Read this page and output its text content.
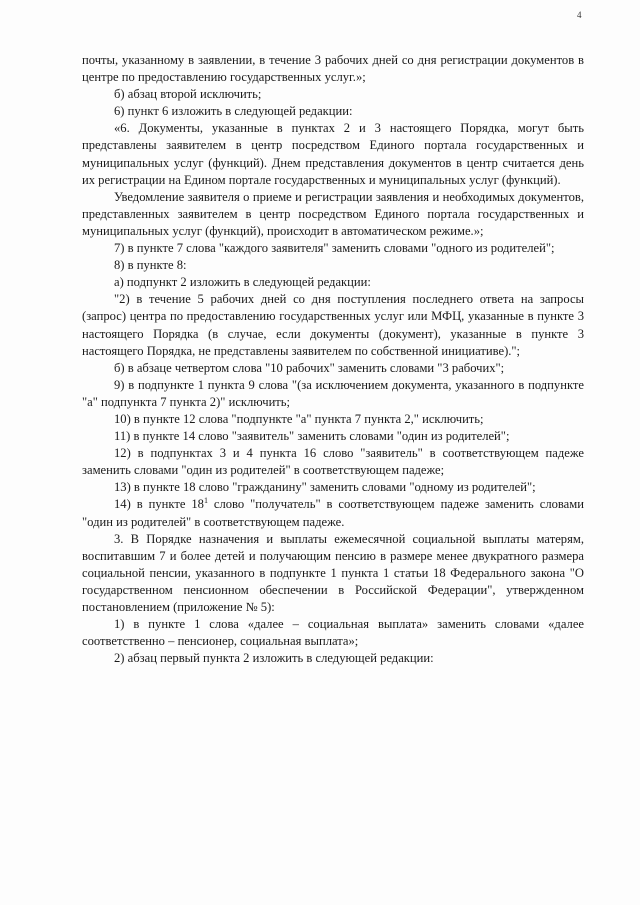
4

почты, указанному в заявлении, в течение 3 рабочих дней со дня регистрации документов в центре по предоставлению государственных услуг.»;

б) абзац второй исключить;

6) пункт 6 изложить в следующей редакции:

«6. Документы, указанные в пунктах 2 и 3 настоящего Порядка, могут быть представлены заявителем в центр посредством Единого портала государственных и муниципальных услуг (функций). Днем представления документов в центр считается день их регистрации на Едином портале государственных и муниципальных услуг (функций).

Уведомление заявителя о приеме и регистрации заявления и необходимых документов, представленных заявителем в центр посредством Единого портала государственных и муниципальных услуг (функций), происходит в автоматическом режиме.»;

7) в пункте 7 слова "каждого заявителя" заменить словами "одного из родителей";

8) в пункте 8:

а) подпункт 2 изложить в следующей редакции:

"2) в течение 5 рабочих дней со дня поступления последнего ответа на запросы (запрос) центра по предоставлению государственных услуг или МФЦ, указанные в пункте 3 настоящего Порядка (в случае, если документы (документ), указанные в пункте 3 настоящего Порядка, не представлены заявителем по собственной инициативе).";

б) в абзаце четвертом слова "10 рабочих" заменить словами "3 рабочих";

9) в подпункте 1 пункта 9 слова "(за исключением документа, указанного в подпункте "а" подпункта 7 пункта 2)" исключить;

10) в пункте 12 слова "подпункте "а" пункта 7 пункта 2," исключить;

11) в пункте 14 слово "заявитель" заменить словами "один из родителей";

12) в подпунктах 3 и 4 пункта 16 слово "заявитель" в соответствующем падеже заменить словами "один из родителей" в соответствующем падеже;

13) в пункте 18 слово "гражданину" заменить словами "одному из родителей";

14) в пункте $18^1$ слово "получатель" в соответствующем падеже заменить словами "один из родителей" в соответствующем падеже.

3. В Порядке назначения и выплаты ежемесячной социальной выплаты матерям, воспитавшим 7 и более детей и получающим пенсию в размере менее двукратного размера социальной пенсии, указанного в подпункте 1 пункта 1 статьи 18 Федерального закона "О государственном пенсионном обеспечении в Российской Федерации", утвержденном постановлением (приложение № 5):

1) в пункте 1 слова «далее – социальная выплата» заменить словами «далее соответственно – пенсионер, социальная выплата»;

2) абзац первый пункта 2 изложить в следующей редакции:
